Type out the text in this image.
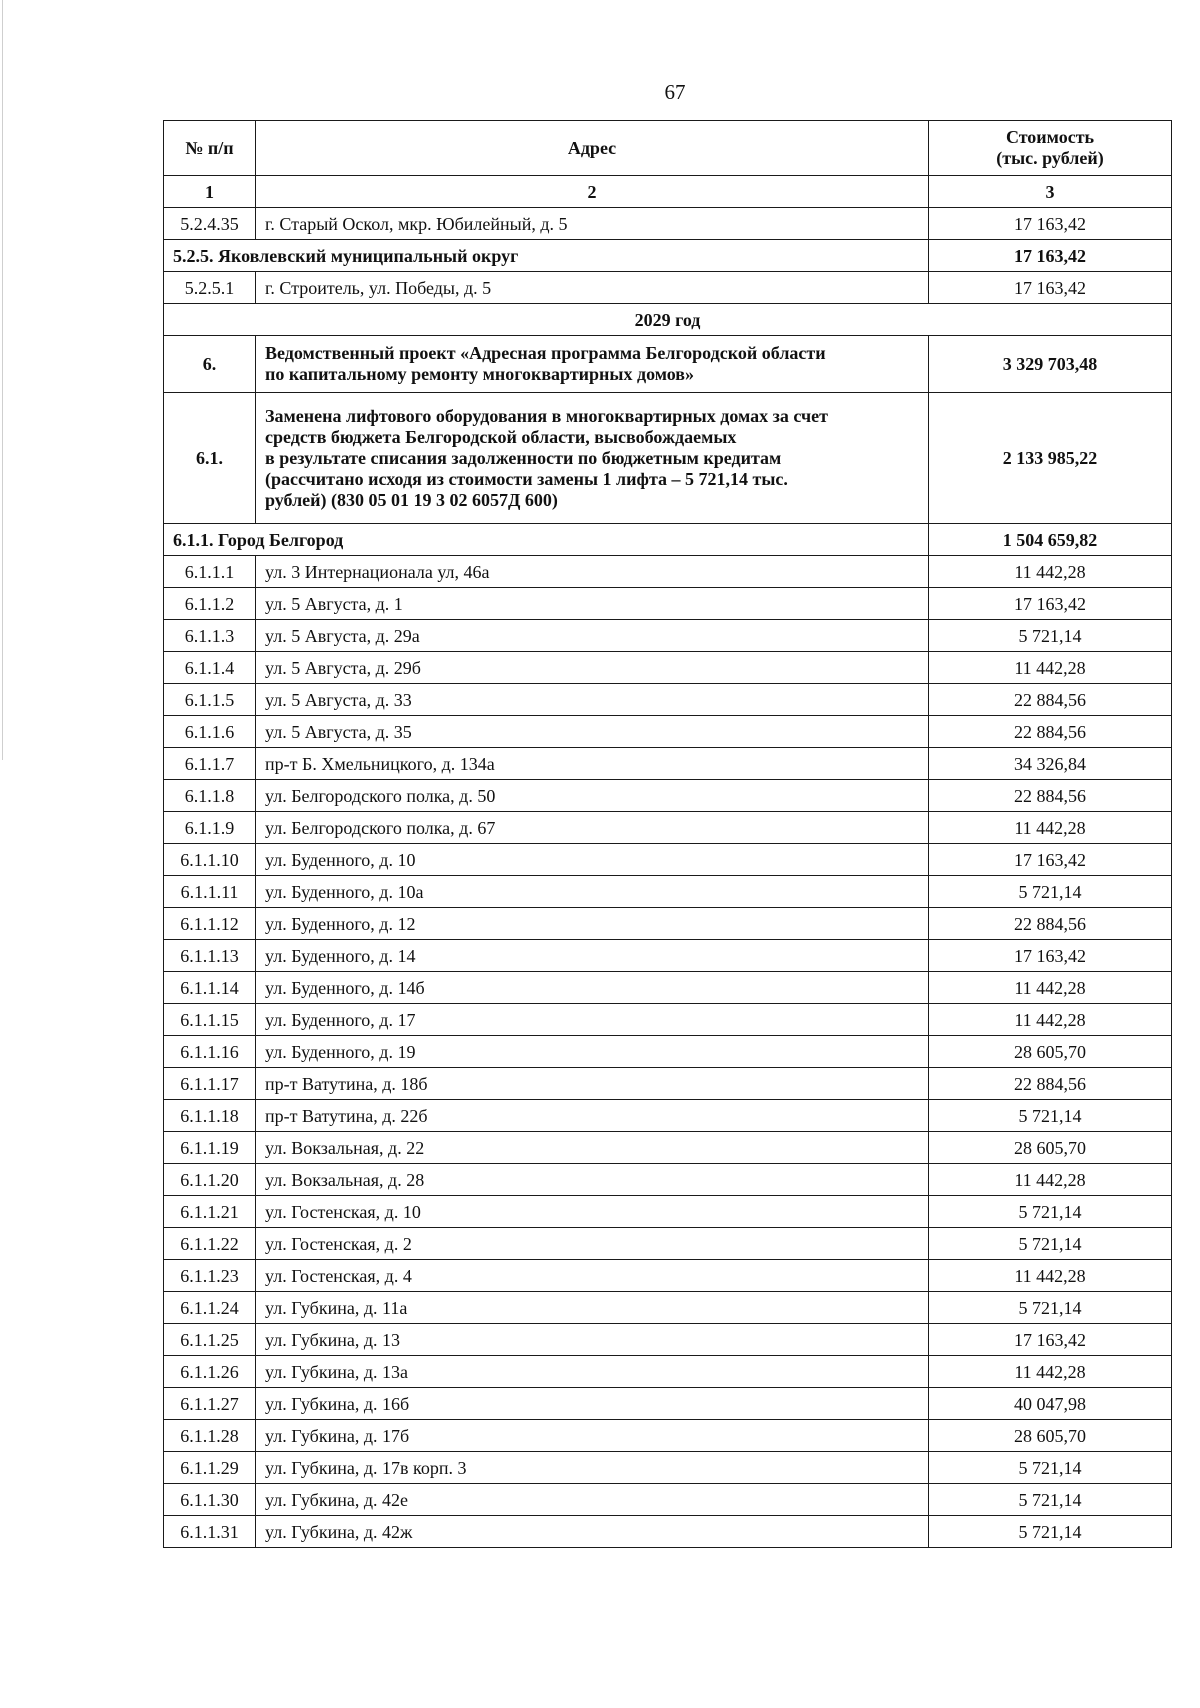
67
№ п/п	Адрес	Стоимость
(тыс. рублей)
1	2	3
5.2.4.35	г. Старый Оскол, мкр. Юбилейный, д. 5	17 163,42
5.2.5. Яковлевский муниципальный округ		17 163,42
5.2.5.1	г. Строитель, ул. Победы, д. 5	17 163,42
2029 год		
6.	Ведомственный проект «Адресная программа Белгородской области
по капитальному ремонту многоквартирных домов»	3 329 703,48
6.1.	Заменена лифтового оборудования в многоквартирных домах за счет
средств бюджета Белгородской области, высвобождаемых
в результате списания задолженности по бюджетным кредитам
(рассчитано исходя из стоимости замены 1 лифта – 5 721,14 тыс.
рублей) (830 05 01 19 3 02 6057Д 600)	2 133 985,22
6.1.1. Город Белгород		1 504 659,82
6.1.1.1	ул. 3 Интернационала ул, 46а	11 442,28
6.1.1.2	ул. 5 Августа, д. 1	17 163,42
6.1.1.3	ул. 5 Августа, д. 29а	5 721,14
6.1.1.4	ул. 5 Августа, д. 29б	11 442,28
6.1.1.5	ул. 5 Августа, д. 33	22 884,56
6.1.1.6	ул. 5 Августа, д. 35	22 884,56
6.1.1.7	пр-т Б. Хмельницкого, д. 134а	34 326,84
6.1.1.8	ул. Белгородского полка, д. 50	22 884,56
6.1.1.9	ул. Белгородского полка, д. 67	11 442,28
6.1.1.10	ул. Буденного, д. 10	17 163,42
6.1.1.11	ул. Буденного, д. 10а	5 721,14
6.1.1.12	ул. Буденного, д. 12	22 884,56
6.1.1.13	ул. Буденного, д. 14	17 163,42
6.1.1.14	ул. Буденного, д. 14б	11 442,28
6.1.1.15	ул. Буденного, д. 17	11 442,28
6.1.1.16	ул. Буденного, д. 19	28 605,70
6.1.1.17	пр-т Ватутина, д. 18б	22 884,56
6.1.1.18	пр-т Ватутина, д. 22б	5 721,14
6.1.1.19	ул. Вокзальная, д. 22	28 605,70
6.1.1.20	ул. Вокзальная, д. 28	11 442,28
6.1.1.21	ул. Гостенская, д. 10	5 721,14
6.1.1.22	ул. Гостенская, д. 2	5 721,14
6.1.1.23	ул. Гостенская, д. 4	11 442,28
6.1.1.24	ул. Губкина, д. 11а	5 721,14
6.1.1.25	ул. Губкина, д. 13	17 163,42
6.1.1.26	ул. Губкина, д. 13а	11 442,28
6.1.1.27	ул. Губкина, д. 16б	40 047,98
6.1.1.28	ул. Губкина, д. 17б	28 605,70
6.1.1.29	ул. Губкина, д. 17в корп. 3	5 721,14
6.1.1.30	ул. Губкина, д. 42е	5 721,14
6.1.1.31	ул. Губкина, д. 42ж	5 721,14
